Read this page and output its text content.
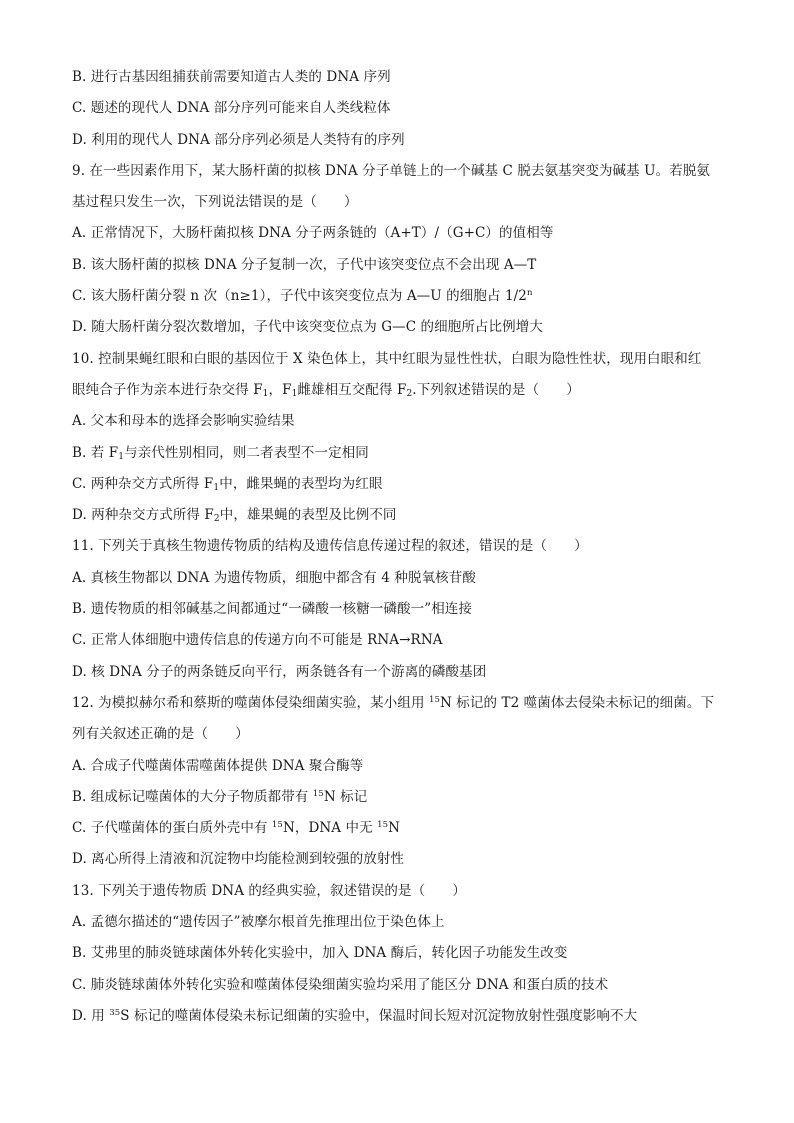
B. 进行古基因组捕获前需要知道古人类的 DNA 序列
C. 题述的现代人 DNA 部分序列可能来自人类线粒体
D. 利用的现代人 DNA 部分序列必须是人类特有的序列
9. 在一些因素作用下，某大肠杆菌的拟核 DNA 分子单链上的一个碱基 C 脱去氨基突变为碱基 U。若脱氨
基过程只发生一次，下列说法错误的是（　　）
A. 正常情况下，大肠杆菌拟核 DNA 分子两条链的（A+T）/（G+C）的值相等
B. 该大肠杆菌的拟核 DNA 分子复制一次，子代中该突变位点不会出现 A—T
C. 该大肠杆菌分裂 n 次（n≥1），子代中该突变位点为 A—U 的细胞占 1/2$^n$
D. 随大肠杆菌分裂次数增加，子代中该突变位点为 G—C 的细胞所占比例增大
10. 控制果蝇红眼和白眼的基因位于 X 染色体上，其中红眼为显性性状，白眼为隐性性状，现用白眼和红
眼纯合子作为亲本进行杂交得 $F_1$，$F_1$雌雄相互交配得 $F_2$.下列叙述错误的是（　　）
A. 父本和母本的选择会影响实验结果
B. 若 $F_1$与亲代性别相同，则二者表型不一定相同
C. 两种杂交方式所得 $F_1$中，雌果蝇的表型均为红眼
D. 两种杂交方式所得 $F_2$中，雄果蝇的表型及比例不同
11. 下列关于真核生物遗传物质的结构及遗传信息传递过程的叙述，错误的是（　　）
A. 真核生物都以 DNA 为遗传物质，细胞中都含有 4 种脱氧核苷酸
B. 遗传物质的相邻碱基之间都通过“一磷酸一核糖一磷酸一”相连接
C. 正常人体细胞中遗传信息的传递方向不可能是 RNA→RNA
D. 核 DNA 分子的两条链反向平行，两条链各有一个游离的磷酸基团
12. 为模拟赫尔希和蔡斯的噬菌体侵染细菌实验，某小组用 $^{15}$N 标记的 T2 噬菌体去侵染未标记的细菌。下
列有关叙述正确的是（　　）
A. 合成子代噬菌体需噬菌体提供 DNA 聚合酶等
B. 组成标记噬菌体的大分子物质都带有 $^{15}$N 标记
C. 子代噬菌体的蛋白质外壳中有 $^{15}$N，DNA 中无 $^{15}$N
D. 离心所得上清液和沉淀物中均能检测到较强的放射性
13. 下列关于遗传物质 DNA 的经典实验，叙述错误的是（　　）
A. 孟德尔描述的“遗传因子”被摩尔根首先推理出位于染色体上
B. 艾弗里的肺炎链球菌体外转化实验中，加入 DNA 酶后，转化因子功能发生改变
C. 肺炎链球菌体外转化实验和噬菌体侵染细菌实验均采用了能区分 DNA 和蛋白质的技术
D. 用 $^{35}$S 标记的噬菌体侵染未标记细菌的实验中，保温时间长短对沉淀物放射性强度影响不大
